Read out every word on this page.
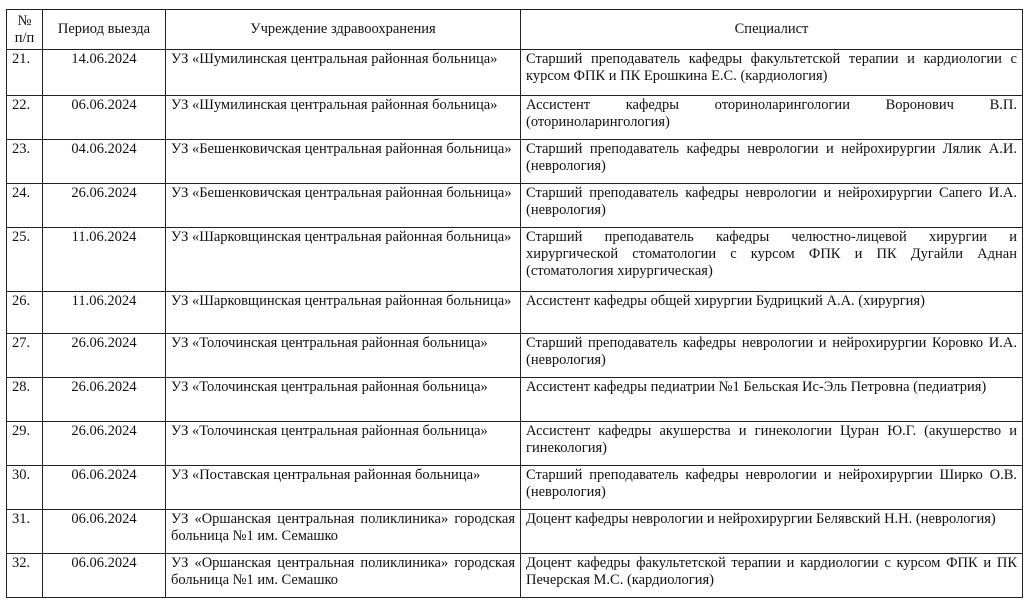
№ п/п	Период выезда	Учреждение здравоохранения	Специалист
21.	14.06.2024	УЗ «Шумилинская центральная районная больница»	Старший преподаватель кафедры факультетской терапии и кардиологии с курсом ФПК и ПК Ерошкина Е.С. (кардиология)
22.	06.06.2024	УЗ «Шумилинская центральная районная больница»	Ассистент кафедры оториноларингологии Воронович В.П. (оториноларингология)
23.	04.06.2024	УЗ «Бешенковичская центральная районная больница»	Старший преподаватель кафедры неврологии и нейрохирургии Лялик А.И. (неврология)
24.	26.06.2024	УЗ «Бешенковичская центральная районная больница»	Старший преподаватель кафедры неврологии и нейрохирургии Сапего И.А. (неврология)
25.	11.06.2024	УЗ «Шарковщинская центральная районная больница»	Старший преподаватель кафедры челюстно-лицевой хирургии и хирургической стоматологии с курсом ФПК и ПК Дугайли Аднан (стоматология хирургическая)
26.	11.06.2024	УЗ «Шарковщинская центральная районная больница»	Ассистент кафедры общей хирургии Будрицкий А.А. (хирургия)
27.	26.06.2024	УЗ «Толочинская центральная районная больница»	Старший преподаватель кафедры неврологии и нейрохирургии Коровко И.А. (неврология)
28.	26.06.2024	УЗ «Толочинская центральная районная больница»	Ассистент кафедры педиатрии №1 Бельская Ис-Эль Петровна (педиатрия)
29.	26.06.2024	УЗ «Толочинская центральная районная больница»	Ассистент кафедры акушерства и гинекологии Цуран Ю.Г. (акушерство и гинекология)
30.	06.06.2024	УЗ «Поставская центральная районная больница»	Старший преподаватель кафедры неврологии и нейрохирургии Ширко О.В.(неврология)
31.	06.06.2024	УЗ «Оршанская центральная поликлиника» городская больница №1 им. Семашко	Доцент кафедры неврологии и нейрохирургии Белявский Н.Н. (неврология)
32.	06.06.2024	УЗ «Оршанская центральная поликлиника» городская больница №1 им. Семашко	Доцент кафедры факультетской терапии и кардиологии с курсом ФПК и ПК Печерская М.С. (кардиология)
